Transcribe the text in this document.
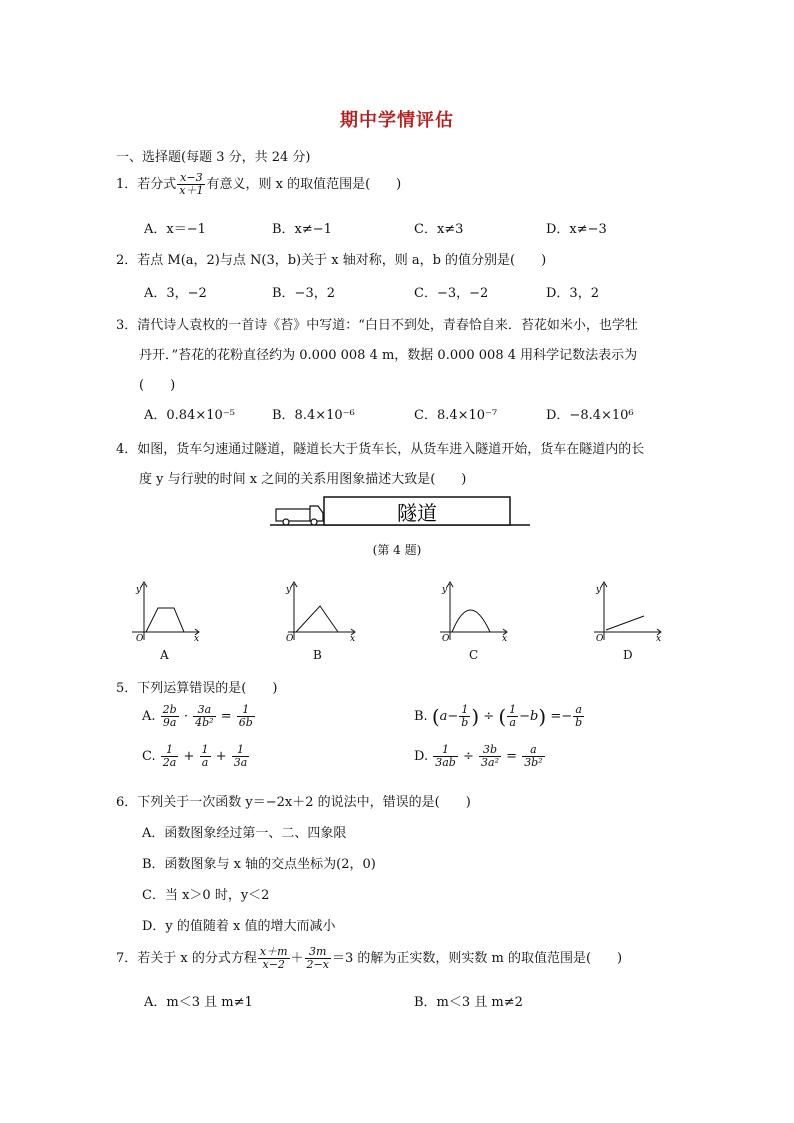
期中学情评估
一、选择题(每题 3 分，共 24 分)
1．若分式 $\frac{x-3}{x+1}$ 有意义，则 x 的取值范围是(　　)
A．x＝−1	B．x≠−1	C．x≠3	D．x≠−3
2．若点 M(a，2)与点 N(3，b)关于 x 轴对称，则 a，b 的值分别是(　　)
A．3，−2	B．−3，2	C．−3，−2	D．3，2
3．清代诗人袁枚的一首诗《苔》中写道：“白日不到处，青春恰自来．苔花如米小，也学牡
丹开．”苔花的花粉直径约为 0.000 008 4 m，数据 0.000 008 4 用科学记数法表示为
(　　)
A．0.84×10⁻⁵	B．8.4×10⁻⁶	C．8.4×10⁻⁷	D．−8.4×10⁶
4．如图，货车匀速通过隧道，隧道长大于货车长，从货车进入隧道开始，货车在隧道内的长
度 y 与行驶的时间 x 之间的关系用图象描述大致是(　　)
隧道
(第 4 题)
y
x
O
A
y
x
O
B
y
x
O
C
y
x
O
D
5．下列运算错误的是(　　)
A. $\frac{2b}{9a} \cdot \frac{3a}{\text{4b²}} = \frac{1}{6b}$	B. ($a- \frac{1}{b}$ ) ÷ ( $\frac{1}{a} -b) =- \frac{a}{b}$
C. $\frac{1}{2a} + \frac{1}{a} + \frac{1}{3a}$	D. $\frac{1}{3ab} \div \frac{3b}{\text{3a²}} = \frac{a}{\text{3b²}}$
6．下列关于一次函数 y＝−2x＋2 的说法中，错误的是(　　)
A．函数图象经过第一、二、四象限
B．函数图象与 x 轴的交点坐标为(2，0)
C．当 x＞0 时，y＜2
D．y 的值随着 x 值的增大而减小
7．若关于 x 的分式方程 $\frac{x+m}{x-2} + \frac{3m}{2-x} =3$ 的解为正实数，则实数 m 的取值范围是(　　)
A．m＜3 且 m≠1	B．m＜3 且 m≠2
